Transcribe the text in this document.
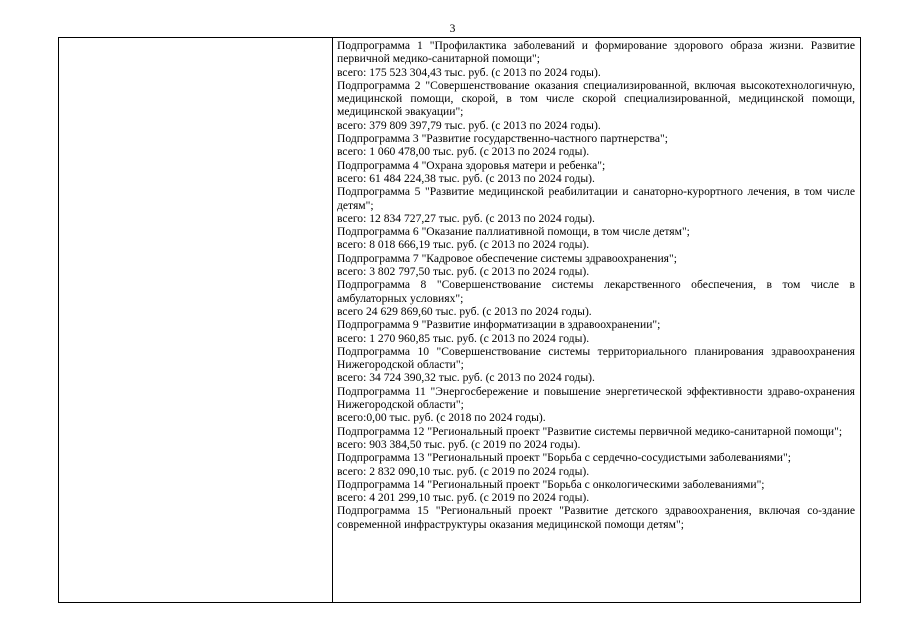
3

Подпрограмма 1 "Профилактика заболеваний и формирование здорового образа жизни. Развитие первичной медико-санитарной помощи";

всего: 175 523 304,43 тыс. руб. (с 2013 по 2024 годы).

Подпрограмма 2 "Совершенствование оказания специализированной, включая высокотехнологичную, медицинской помощи, скорой, в том числе скорой специализированной, медицинской помощи, медицинской эвакуации";

всего: 379 809 397,79 тыс. руб. (с 2013 по 2024 годы).

Подпрограмма 3 "Развитие государственно-частного партнерства";

всего: 1 060 478,00 тыс. руб. (с 2013 по 2024 годы).

Подпрограмма 4 "Охрана здоровья матери и ребенка";

всего: 61 484 224,38 тыс. руб. (с 2013 по 2024 годы).

Подпрограмма 5 "Развитие медицинской реабилитации и санаторно-курортного лечения, в том числе детям";

всего: 12 834 727,27 тыс. руб. (с 2013 по 2024 годы).

Подпрограмма 6 "Оказание паллиативной помощи, в том числе детям";

всего: 8 018 666,19 тыс. руб. (с 2013 по 2024 годы).

Подпрограмма 7 "Кадровое обеспечение системы здравоохранения";

всего: 3 802 797,50 тыс. руб. (с 2013 по 2024 годы).

Подпрограмма 8 "Совершенствование системы лекарственного обеспечения, в том числе в амбулаторных условиях";

всего 24 629 869,60 тыс. руб. (с 2013 по 2024 годы).

Подпрограмма 9 "Развитие информатизации в здравоохранении";

всего: 1 270 960,85 тыс. руб. (с 2013 по 2024 годы).

Подпрограмма 10 "Совершенствование системы территориального планирования здравоохранения Нижегородской области";

всего: 34 724 390,32 тыс. руб. (с 2013 по 2024 годы).

Подпрограмма 11 "Энергосбережение и повышение энергетической эффективности здраво-охранения Нижегородской области";

всего:0,00 тыс. руб. (с 2018 по 2024 годы).

Подпрограмма 12 "Региональный проект "Развитие системы первичной медико-санитарной помощи";

всего: 903 384,50 тыс. руб. (с 2019 по 2024 годы).

Подпрограмма 13 "Региональный проект "Борьба с сердечно-сосудистыми заболеваниями";

всего: 2 832 090,10 тыс. руб. (с 2019 по 2024 годы).

Подпрограмма 14 "Региональный проект "Борьба с онкологическими заболеваниями";

всего: 4 201 299,10 тыс. руб. (с 2019 по 2024 годы).

Подпрограмма 15 "Региональный проект "Развитие детского здравоохранения, включая со-здание современной инфраструктуры оказания медицинской помощи детям";
